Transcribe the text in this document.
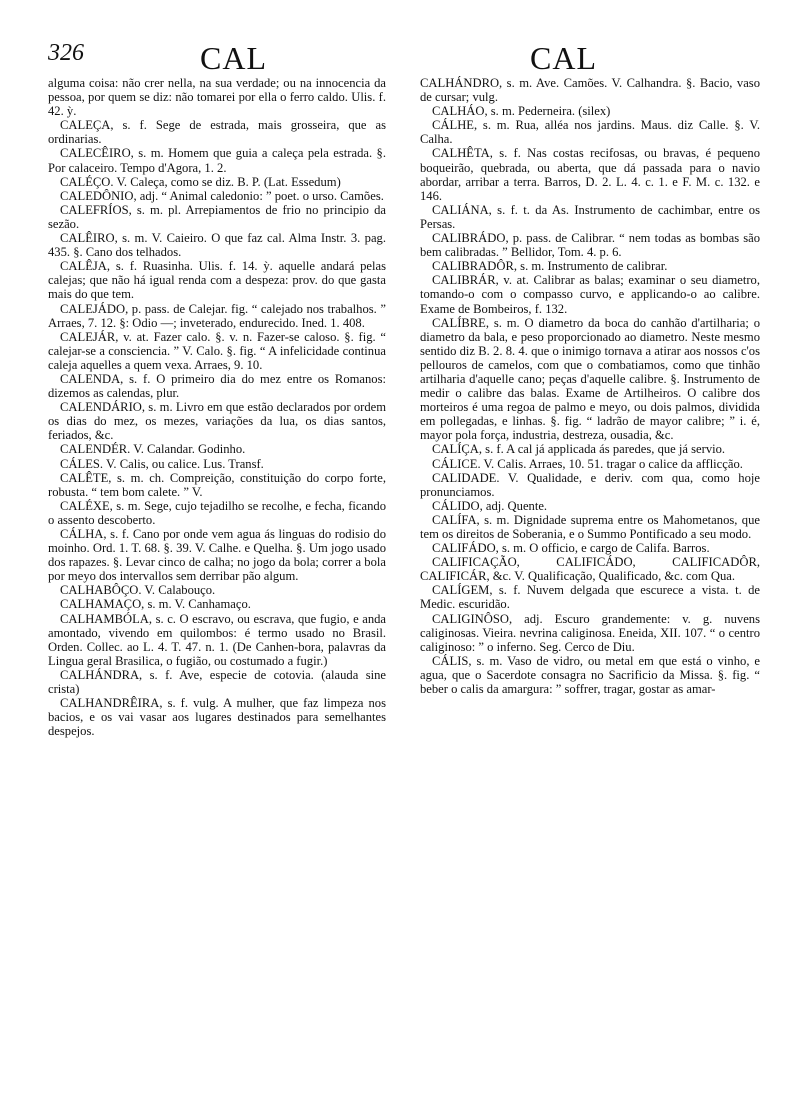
326	CAL	CAL

alguma coisa: não crer nella, na sua verdade; ou na innocencia da pessoa, por quem se diz: não tomarei por ella o ferro caldo. Ulis. f. 42. ỳ.

CALEÇA, s. f. Sege de estrada, mais grosseira, que as ordinarias.

CALECÊIRO, s. m. Homem que guia a caleça pela estrada. §. Por calaceiro. Tempo d'Agora, 1. 2.

CALÉÇO. V. Caleça, como se diz. B. P. (Lat. Essedum)

CALEDÔNIO, adj. “ Animal caledonio: ” poet. o urso. Camões.

CALEFRÍOS, s. m. pl. Arrepiamentos de frio no principio da sezão.

CALÊIRO, s. m. V. Caieiro. O que faz cal. Alma Instr. 3. pag. 435. §. Cano dos telhados.

CALÊJA, s. f. Ruasinha. Ulis. f. 14. ỳ. aquelle andará pelas calejas; que não há igual renda com a despeza: prov. do que gasta mais do que tem.

CALEJÁDO, p. pass. de Calejar. fig. “ calejado nos trabalhos. ” Arraes, 7. 12. §: Odio —; inveterado, endurecido. Ined. 1. 408.

CALEJÁR, v. at. Fazer calo. §. v. n. Fazer-se caloso. §. fig. “ calejar-se a consciencia. ” V. Calo. §. fig. “ A infelicidade continua caleja aquelles a quem vexa. Arraes, 9. 10.

CALENDA, s. f. O primeiro dia do mez entre os Romanos: dizemos as calendas, plur.

CALENDÁRIO, s. m. Livro em que estão declarados por ordem os dias do mez, os mezes, variações da lua, os dias santos, feriados, &c.

CALENDÉR. V. Calandar. Godinho.

CÁLES. V. Calis, ou calice. Lus. Transf.

CALÊTE, s. m. ch. Compreição, constituição do corpo forte, robusta. “ tem bom calete. ” V.

CALÉXE, s. m. Sege, cujo tejadilho se recolhe, e fecha, ficando o assento descoberto.

CÁLHA, s. f. Cano por onde vem agua ás linguas do rodisio do moinho. Ord. 1. T. 68. §. 39. V. Calhe. e Quelha. §. Um jogo usado dos rapazes. §. Levar cinco de calha; no jogo da bola; correr a bola por meyo dos intervallos sem derribar pão algum.

CALHABÔÇO. V. Calabouço.

CALHAMAÇO, s. m. V. Canhamaço.

CALHAMBÓLA, s. c. O escravo, ou escrava, que fugio, e anda amontado, vivendo em quilombos: é termo usado no Brasil. Orden. Collec. ao L. 4. T. 47. n. 1. (De Canhen-bora, palavras da Lingua geral Brasilica, o fugião, ou costumado a fugir.)

CALHÁNDRA, s. f. Ave, especie de cotovia. (alauda sine crista)

CALHANDRÊIRA, s. f. vulg. A mulher, que faz limpeza nos bacios, e os vai vasar aos lugares destinados para semelhantes despejos.

CALHÁNDRO, s. m. Ave. Camões. V. Calhandra. §. Bacio, vaso de cursar; vulg.

CALHÁO, s. m. Pederneira. (silex)

CÁLHE, s. m. Rua, alléa nos jardins. Maus. diz Calle. §. V. Calha.

CALHÊTA, s. f. Nas costas recifosas, ou bravas, é pequeno boqueirão, quebrada, ou aberta, que dá passada para o navio abordar, arribar a terra. Barros, D. 2. L. 4. c. 1. e F. M. c. 132. e 146.

CALIÁNA, s. f. t. da As. Instrumento de cachimbar, entre os Persas.

CALIBRÁDO, p. pass. de Calibrar. “ nem todas as bombas são bem calibradas. ” Bellidor, Tom. 4. p. 6.

CALIBRADÔR, s. m. Instrumento de calibrar.

CALIBRÁR, v. at. Calibrar as balas; examinar o seu diametro, tomando-o com o compasso curvo, e applicando-o ao calibre. Exame de Bombeiros, f. 132.

CALÍBRE, s. m. O diametro da boca do canhão d'artilharia; o diametro da bala, e peso proporcionado ao diametro. Neste mesmo sentido diz B. 2. 8. 4. que o inimigo tornava a atirar aos nossos c'os pellouros de camelos, com que o combatiamos, como que tinhão artilharia d'aquelle cano; peças d'aquelle calibre. §. Instrumento de medir o calibre das balas. Exame de Artilheiros. O calibre dos morteiros é uma regoa de palmo e meyo, ou dois palmos, dividida em pollegadas, e linhas. §. fig. “ ladrão de mayor calibre; ” i. é, mayor pola força, industria, destreza, ousadia, &c.

CALÍÇA, s. f. A cal já applicada ás paredes, que já servio.

CÁLICE. V. Calis. Arraes, 10. 51. tragar o calice da afflicção.

CALIDADE. V. Qualidade, e deriv. com qua, como hoje pronunciamos.

CÁLIDO, adj. Quente.

CALÍFA, s. m. Dignidade suprema entre os Mahometanos, que tem os direitos de Soberania, e o Summo Pontificado a seu modo.

CALIFÁDO, s. m. O officio, e cargo de Califa. Barros.

CALIFICAÇÃO, CALIFICÁDO, CALIFICADÔR, CALIFICÁR, &c. V. Qualificação, Qualificado, &c. com Qua.

CALÍGEM, s. f. Nuvem delgada que escurece a vista. t. de Medic. escuridão.

CALIGINÔSO, adj. Escuro grandemente: v. g. nuvens caliginosas. Vieira. nevrina caliginosa. Eneida, XII. 107. “ o centro caliginoso: ” o inferno. Seg. Cerco de Diu.

CÁLIS, s. m. Vaso de vidro, ou metal em que está o vinho, e agua, que o Sacerdote consagra no Sacrificio da Missa. §. fig. “ beber o calis da amargura: ” soffrer, tragar, gostar as amar-
